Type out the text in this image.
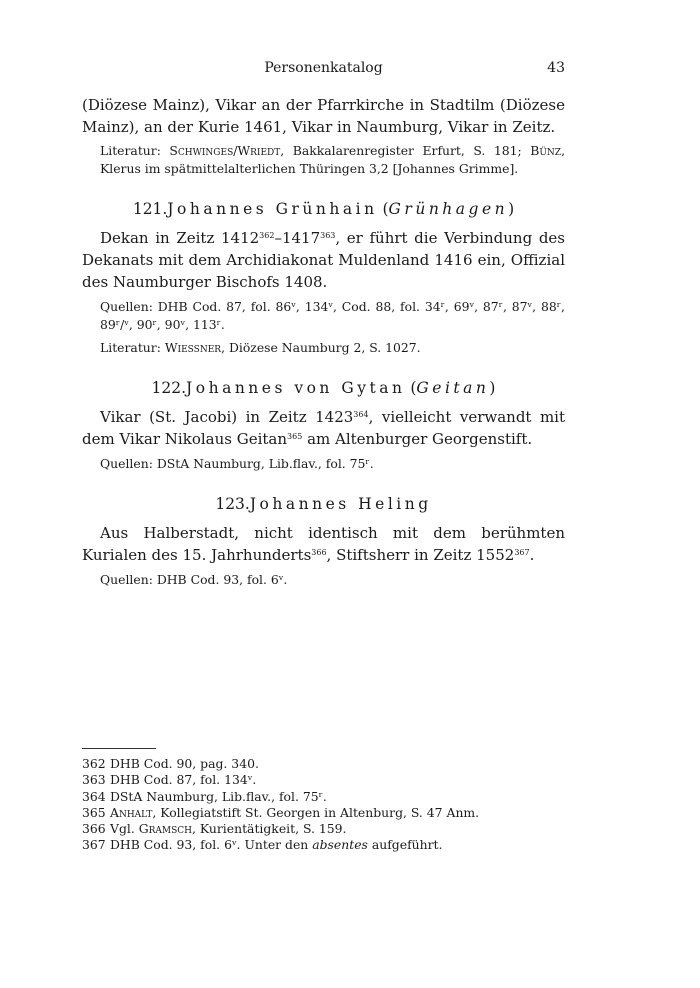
Personenkatalog	43

(Diözese Mainz), Vikar an der Pfarrkirche in Stadtilm (Diözese Mainz), an der Kurie 1461, Vikar in Naumburg, Vikar in Zeitz.

Literatur: Schwinges/Wriedt, Bakkalarenregister Erfurt, S. 181; Bünz, Klerus im spätmittelalterlichen Thüringen 3,2 [Johannes Grimme].

121.Johannes Grünhain (Grünhagen)

Dekan in Zeitz 1412$^{362}$–1417$^{363}$, er führt die Verbindung des Dekanats mit dem Archidiakonat Muldenland 1416 ein, Offizial des Naumburger Bischofs 1408.

Quellen: DHB Cod. 87, fol. 86ᵛ, 134ᵛ, Cod. 88, fol. 34ʳ, 69ᵛ, 87ʳ, 87ᵛ, 88ʳ, 89ʳ/ᵛ, 90ʳ, 90ᵛ, 113ʳ.

Literatur: Wiessner, Diözese Naumburg 2, S. 1027.

122.Johannes von Gytan (Geitan)

Vikar (St. Jacobi) in Zeitz 1423$^{364}$, vielleicht verwandt mit dem Vikar Nikolaus Geitan$^{365}$ am Altenburger Georgenstift.

Quellen: DStA Naumburg, Lib.flav., fol. 75ʳ.

123.Johannes Heling

Aus Halberstadt, nicht identisch mit dem berühmten Kurialen des 15. Jahrhunderts$^{366}$, Stiftsherr in Zeitz 1552$^{367}$.

Quellen: DHB Cod. 93, fol. 6ᵛ.

362 DHB Cod. 90, pag. 340.
363 DHB Cod. 87, fol. 134ᵛ.
364 DStA Naumburg, Lib.flav., fol. 75ʳ.
365 Anhalt, Kollegiatstift St. Georgen in Altenburg, S. 47 Anm.
366 Vgl. Gramsch, Kurientätigkeit, S. 159.
367 DHB Cod. 93, fol. 6ᵛ. Unter den absentes aufgeführt.
